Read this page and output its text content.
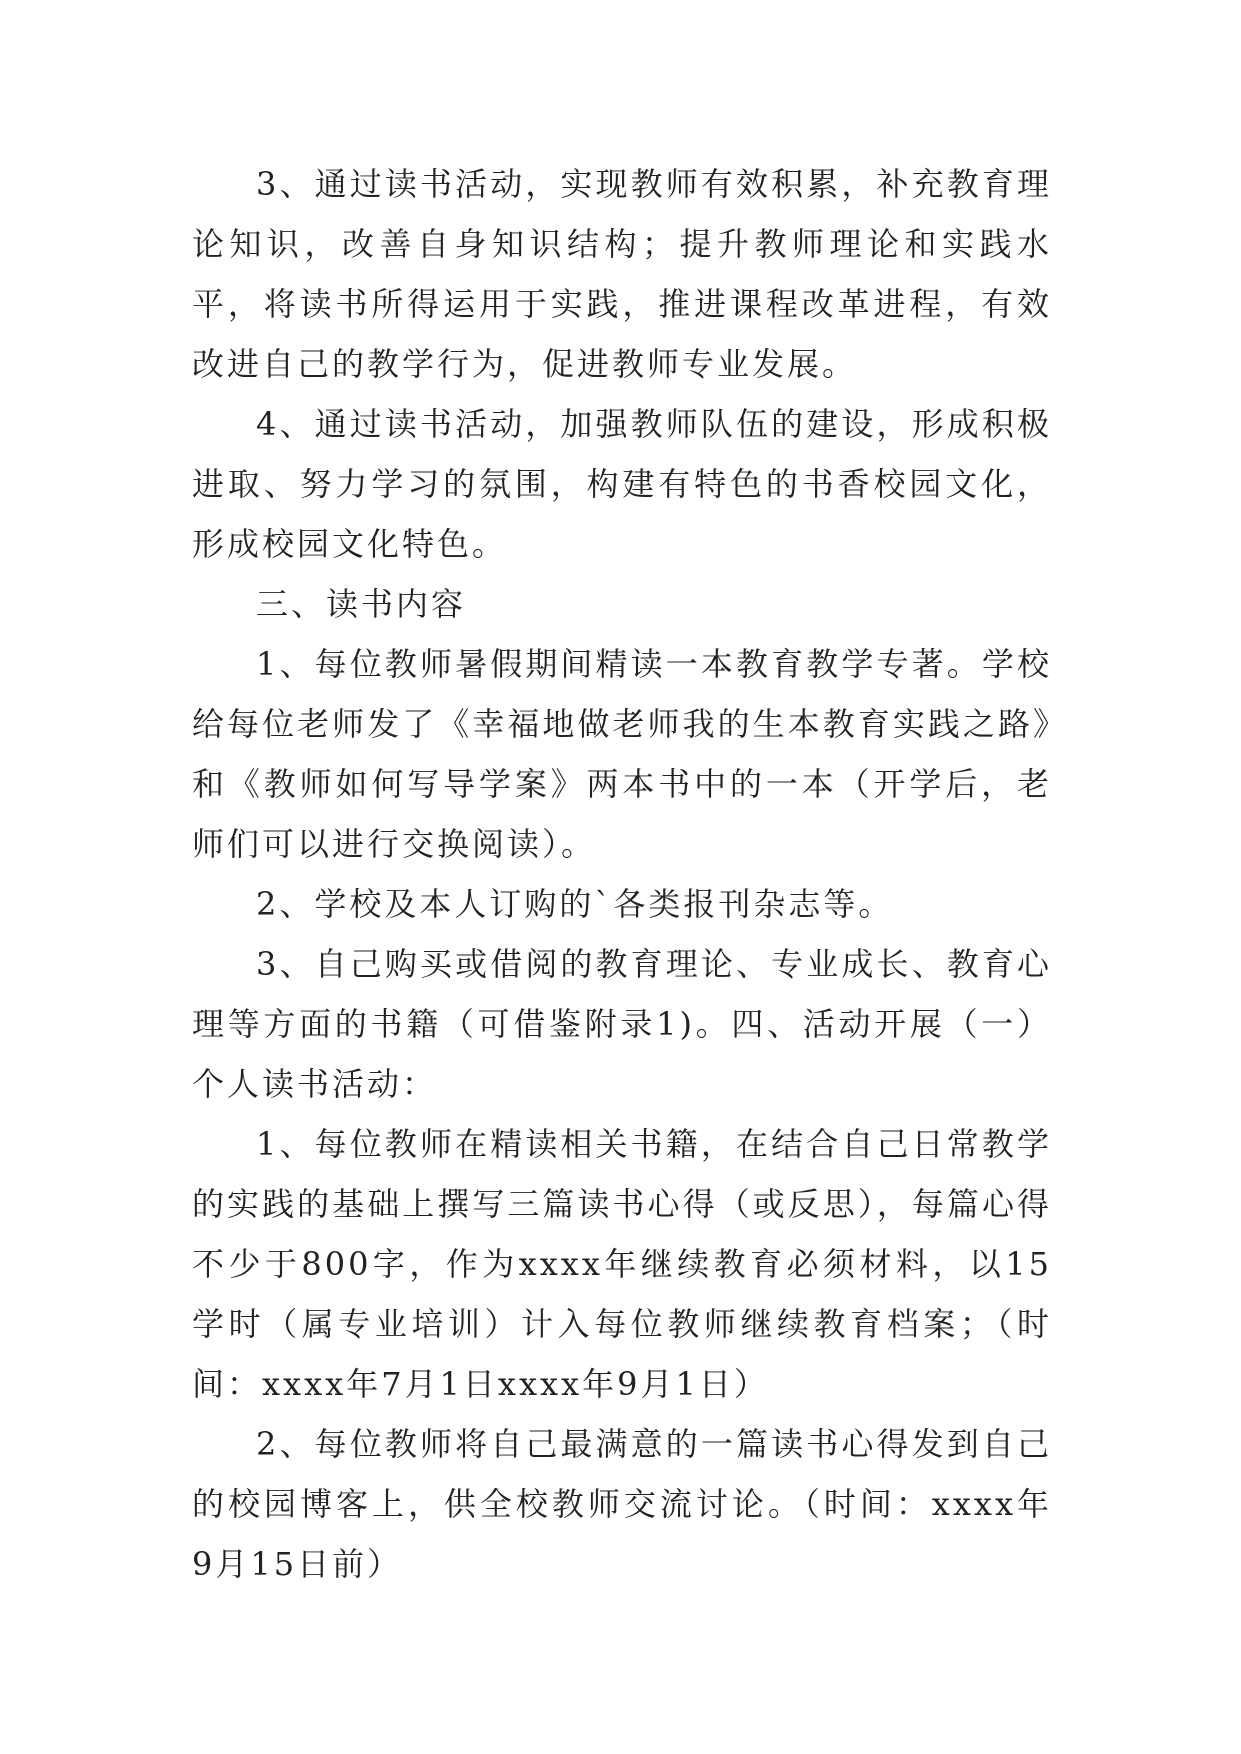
3、通过读书活动，实现教师有效积累，补充教育理论知识，改善自身知识结构；提升教师理论和实践水平，将读书所得运用于实践，推进课程改革进程，有效改进自己的教学行为，促进教师专业发展。

4、通过读书活动，加强教师队伍的建设，形成积极进取、努力学习的氛围，构建有特色的书香校园文化，形成校园文化特色。

三、读书内容

1、每位教师暑假期间精读一本教育教学专著。学校给每位老师发了《幸福地做老师我的生本教育实践之路》和《教师如何写导学案》两本书中的一本（开学后，老师们可以进行交换阅读）。

2、学校及本人订购的`各类报刊杂志等。

3、自己购买或借阅的教育理论、专业成长、教育心理等方面的书籍（可借鉴附录1)。四、活动开展（一）个人读书活动：

1、每位教师在精读相关书籍，在结合自己日常教学的实践的基础上撰写三篇读书心得（或反思），每篇心得不少于800字，作为xxxx年继续教育必须材料，以15学时（属专业培训）计入每位教师继续教育档案；（时间：xxxx年7月1日xxxx年9月1日）

2、每位教师将自己最满意的一篇读书心得发到自己的校园博客上，供全校教师交流讨论。（时间：xxxx年9月15日前）
